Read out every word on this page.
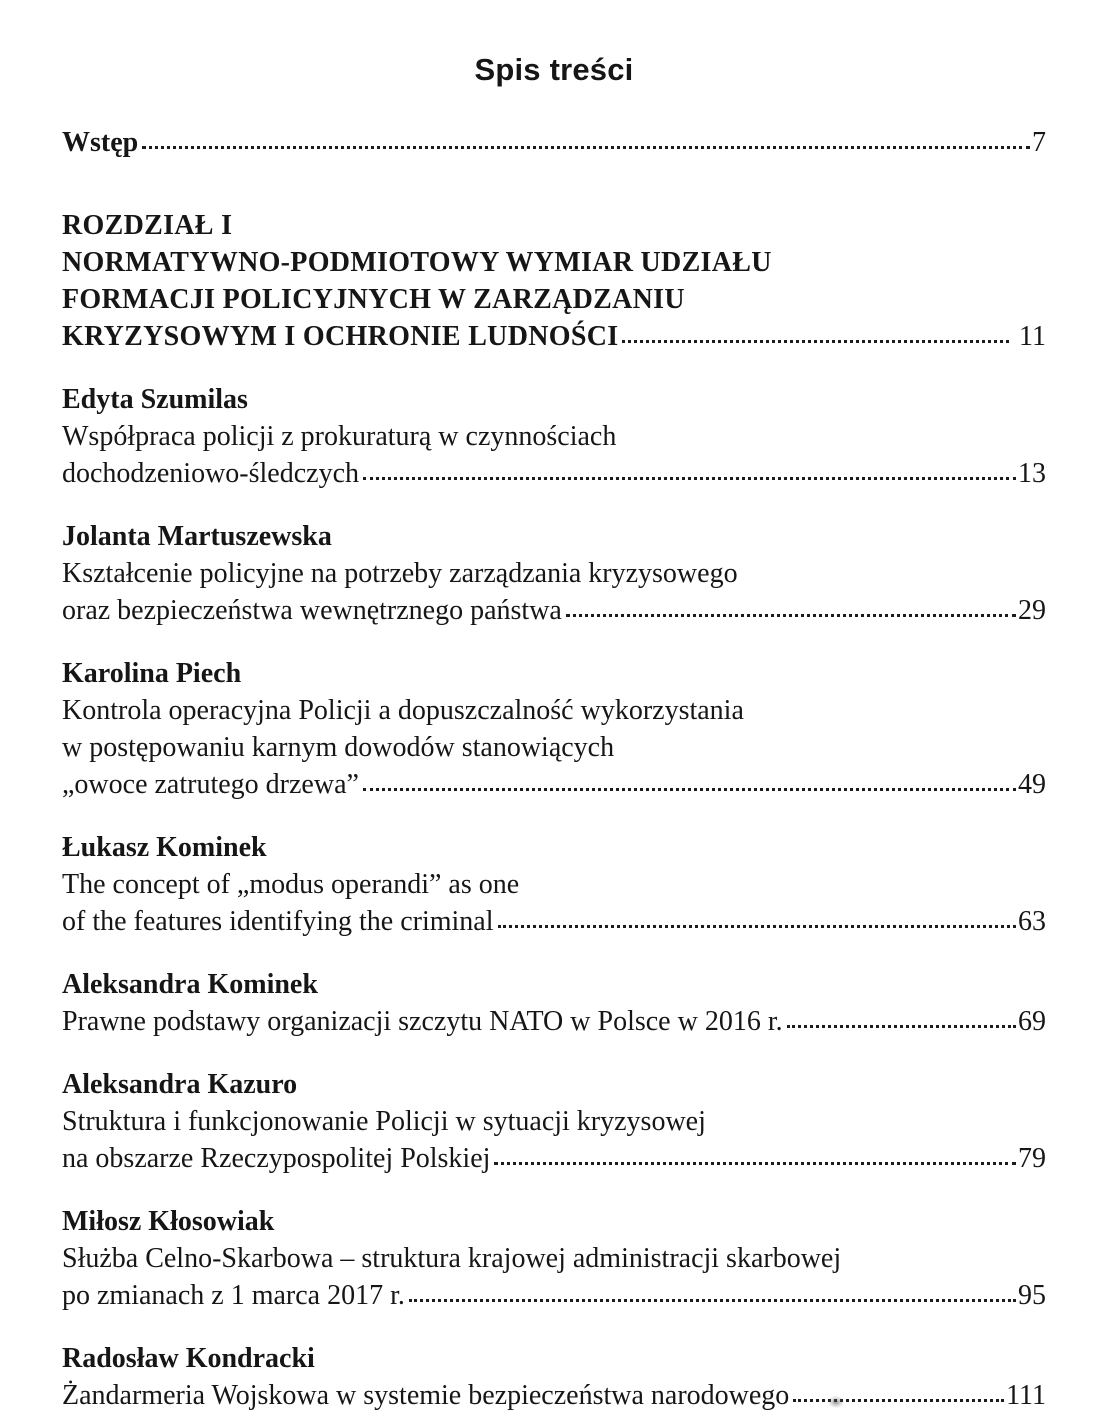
Spis treści
Wstęp	7
ROZDZIAŁ I
NORMATYWNO-PODMIOTOWY WYMIAR UDZIAŁU
FORMACJI POLICYJNYCH W ZARZĄDZANIU
KRYZYSOWYM I OCHRONIE LUDNOŚCI	11
Edyta Szumilas
Współpraca policji z prokuraturą w czynnościach
dochodzeniowo-śledczych	13
Jolanta Martuszewska
Kształcenie policyjne na potrzeby zarządzania kryzysowego
oraz bezpieczeństwa wewnętrznego państwa	29
Karolina Piech
Kontrola operacyjna Policji a dopuszczalność wykorzystania
w postępowaniu karnym dowodów stanowiących
„owoce zatrutego drzewa”	49
Łukasz Kominek
The concept of „modus operandi” as one
of the features identifying the criminal	63
Aleksandra Kominek
Prawne podstawy organizacji szczytu NATO w Polsce w 2016 r.	69
Aleksandra Kazuro
Struktura i funkcjonowanie Policji w sytuacji kryzysowej
na obszarze Rzeczypospolitej Polskiej	79
Miłosz Kłosowiak
Służba Celno-Skarbowa – struktura krajowej administracji skarbowej
po zmianach z 1 marca 2017 r.	95
Radosław Kondracki
Żandarmeria Wojskowa w systemie bezpieczeństwa narodowego	111
